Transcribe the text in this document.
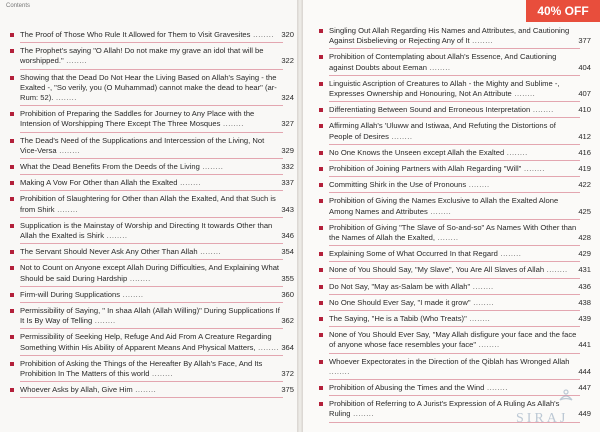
Contents
The Proof of Those Who Rule It Allowed for Them to Visit Gravesites ........ 320
The Prophet's saying "O Allah! Do not make my grave an idol that will be worshipped." ........	322
Showing that the Dead Do Not Hear the Living Based on Allah's Saying - the Exalted -, "So verily, you (O Muhammad) cannot make the dead to hear" (ar-Rum: 52). ........	324
Prohibition of Preparing the Saddles for Journey to Any Place with the Intension of Worshipping There Except The Three Mosques ........	327
The Dead's Need of the Supplications and Intercession of the Living, Not Vice-Versa ........	329
What the Dead Benefits From the Deeds of the Living ........	332
Making A Vow For Other than Allah the Exalted ........	337
Prohibition of Slaughtering for Other than Allah the Exalted, And that Such is from Shirk ........	343
Supplication is the Mainstay of Worship and Directing It towards Other than Allah the Exalted is Shirk ........	346
The Servant Should Never Ask Any Other Than Allah ........	354
Not to Count on Anyone except Allah During Difficulties, And Explaining What Should be said During Hardship ........	355
Firm-will During Supplications ........	360
Permissibility of Saying, " In shaa Allah (Allah Willing)" During Supplications If It Is By Way of Telling ........	362
Permissibility of Seeking Help, Refuge And Aid From A Creature Regarding Something Within His Ability of Apparent Means And Physical Matters, ........ 364
Prohibition of Asking the Things of the Hereafter By Allah's Face, And Its Prohibition In The Matters of this world ........	372
Whoever Asks by Allah, Give Him ........	375
Singling Out Allah Regarding His Names and Attributes, and Cautioning Against Disbelieving or Rejecting Any of It ........	377
Prohibition of Contemplating about Allah's Essence, And Cautioning against Doubts about Eeman ........	404
Linguistic Ascription of Creatures to Allah - the Mighty and Sublime -, Expresses Ownership and Honouring, Not An Attribute ........	407
Differentiating Between Sound and Erroneous Interpretation ........	410
Affirming Allah's 'Uluww and Istiwaa, And Refuting the Distortions of People of Desires ........	412
No One Knows the Unseen except Allah the Exalted ........	416
Prohibition of Joining Partners with Allah Regarding "Will" ........	419
Committing Shirk in the Use of Pronouns ........	422
Prohibition of Giving the Names Exclusive to Allah the Exalted Alone Among Names and Attributes ........	425
Prohibition of Giving "The Slave of So-and-so" As Names With Other than the Names of Allah the Exalted, ........	428
Explaining Some of What Occurred In that Regard ........	429
None of You Should Say, "My Slave", You Are All Slaves of Allah ........ 431
Do Not Say, "May as-Salam be with Allah" ........	436
No One Should Ever Say, "I made it grow" ........	438
The Saying, "He is a Tabib (Who Treats)" ........	439
None of You Should Ever Say, "May Allah disfigure your face and the face of anyone whose face resembles your face" ........	441
Whoever Expectorates in the Direction of the Qiblah has Wronged Allah ........	444
Prohibition of Abusing the Times and the Wind ........	447
Prohibition of Referring to A Jurist's Expression of A Ruling As Allah's Ruling ........	449
40% OFF
SIRAJ
